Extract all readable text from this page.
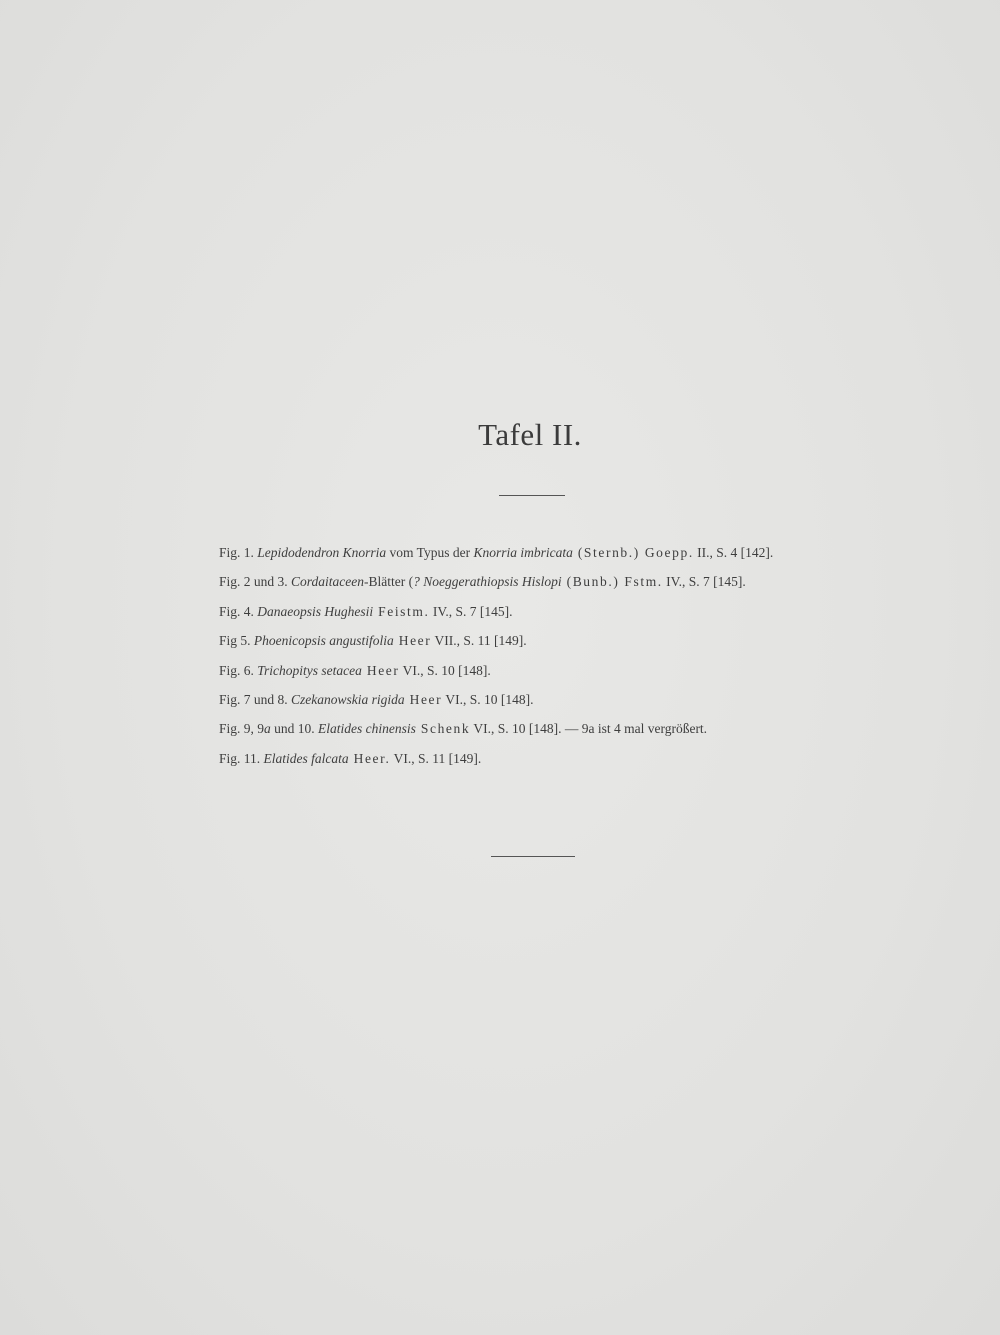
Tafel II.
Fig. 1. Lepidodendron Knorria vom Typus der Knorria imbricata (Sternb.) Goepp. II., S. 4 [142].
Fig. 2 und 3. Cordaitaceen-Blätter (? Noeggerathiopsis Hislopi (Bunb.) Fstm. IV., S. 7 [145].
Fig. 4. Danaeopsis Hughesii Feistm. IV., S. 7 [145].
Fig 5. Phoenicopsis angustifolia Heer VII., S. 11 [149].
Fig. 6. Trichopitys setacea Heer VI., S. 10 [148].
Fig. 7 und 8. Czekanowskia rigida Heer VI., S. 10 [148].
Fig. 9, 9a und 10. Elatides chinensis Schenk VI., S. 10 [148]. — 9a ist 4 mal vergrößert.
Fig. 11. Elatides falcata Heer. VI., S. 11 [149].
